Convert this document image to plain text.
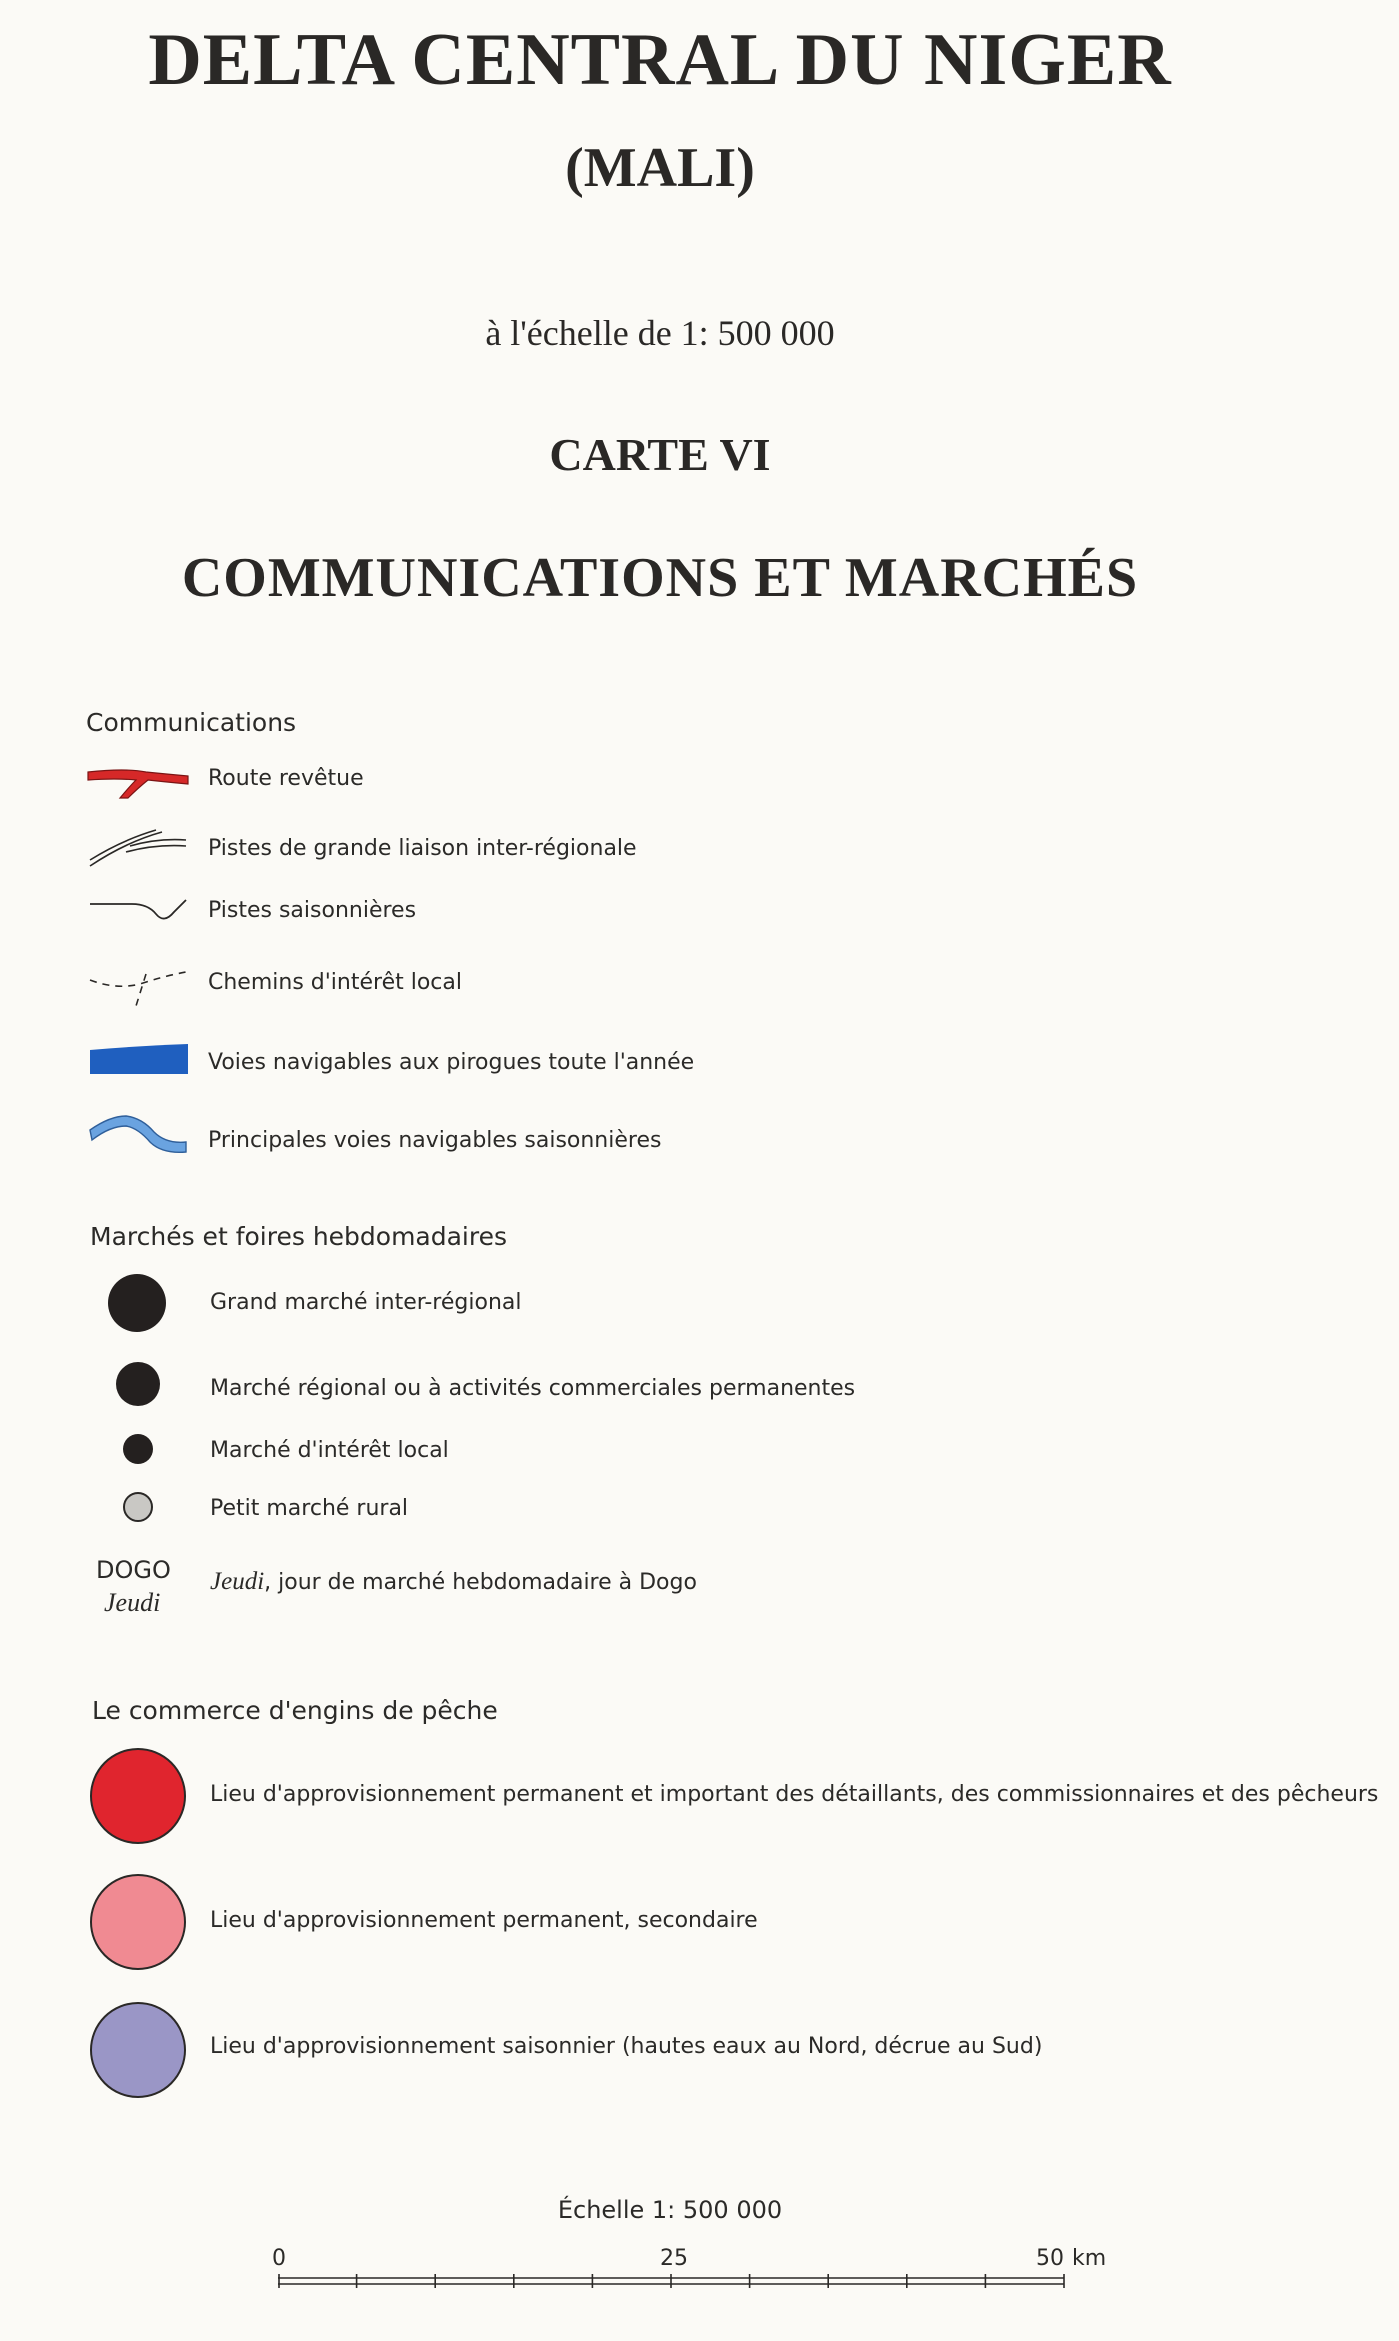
DELTA CENTRAL DU NIGER
(MALI)
à l'échelle de 1: 500 000
CARTE VI
COMMUNICATIONS ET MARCHÉS
Communications
Route revêtue
Pistes de grande liaison inter-régionale
Pistes saisonnières
Chemins d'intérêt local
Voies navigables aux pirogues toute l'année
Principales voies navigables saisonnières
Marchés et foires hebdomadaires
Grand marché inter-régional
Marché régional ou à activités commerciales permanentes
Marché d'intérêt local
Petit marché rural
DOGO
Jeudi
Jeudi, jour de marché hebdomadaire à Dogo
Le commerce d'engins de pêche
Lieu d'approvisionnement permanent et important des détaillants, des commissionnaires et des pêcheurs
Lieu d'approvisionnement permanent, secondaire
Lieu d'approvisionnement saisonnier (hautes eaux au Nord, décrue au Sud)
Échelle 1: 500 000
0	25	50 km
